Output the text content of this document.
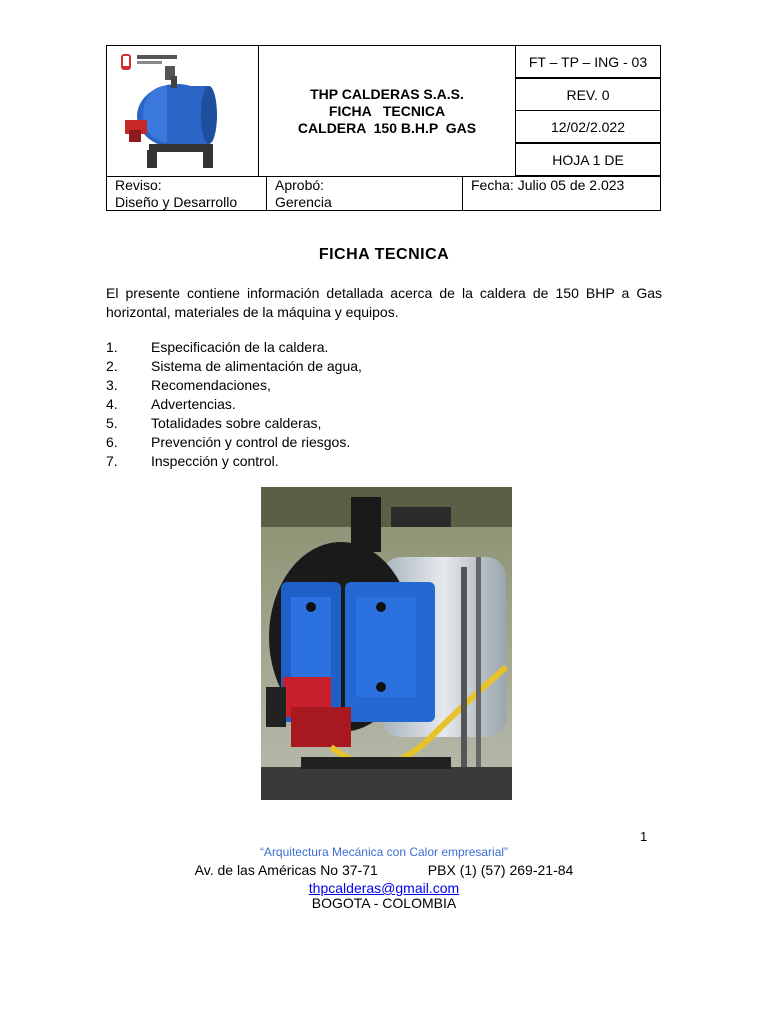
THP CALDERAS S.A.S.
FICHA   TECNICA
CALDERA  150 B.H.P  GAS
FT – TP – ING - 03
REV. 0
12/02/2.022
HOJA 1 DE
Reviso:
Diseño y Desarrollo
Aprobó:
Gerencia
Fecha: Julio 05 de 2.023
FICHA TECNICA
El presente contiene información detallada acerca de la caldera de 150 BHP a Gas horizontal, materiales de la máquina y equipos.
1.	Especificación de la caldera.
2.	Sistema de alimentación de agua,
3.	Recomendaciones,
4.	Advertencias.
5.	Totalidades sobre calderas,
6.	Prevención y control de riesgos.
7.	Inspección y control.
1
“Arquitectura Mecánica con Calor empresarial”
Av. de las Américas No 37-71	PBX (1) (57) 269-21-84
thpcalderas@gmail.com
BOGOTA - COLOMBIA
